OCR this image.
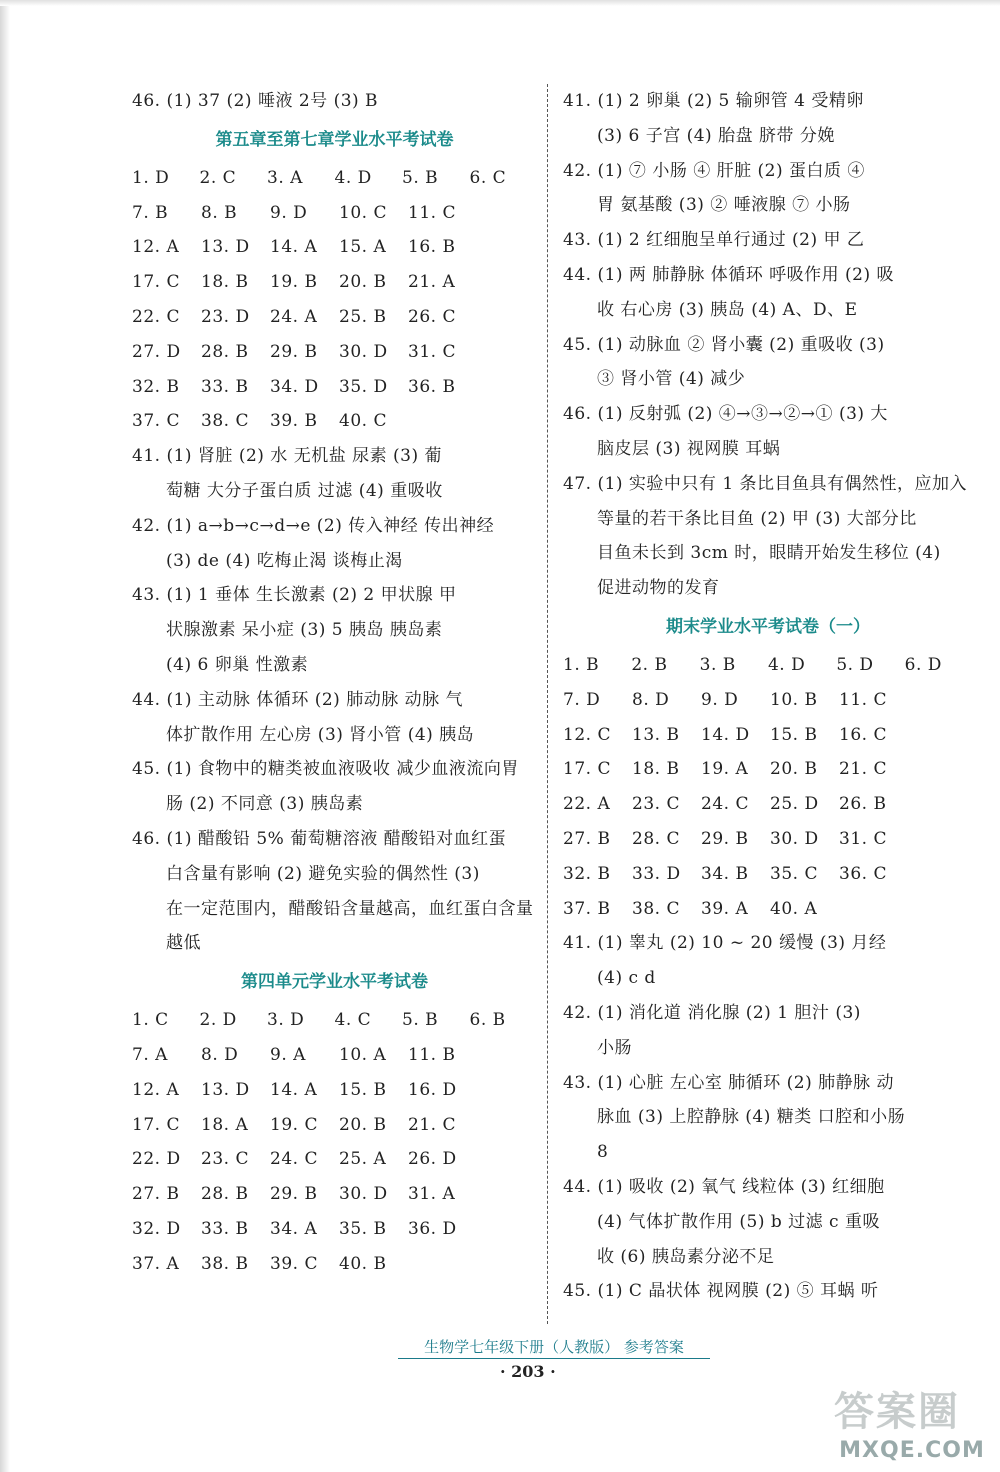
46. (1) 37 (2) 唾液 2号 (3) B
第五章至第七章学业水平考试卷
1. D	2. C	3. A	4. D	5. B	6. C
7. B	8. B	9. D	10. C	11. C
12. A	13. D	14. A	15. A	16. B
17. C	18. B	19. B	20. B	21. A
22. C	23. D	24. A	25. B	26. C
27. D	28. B	29. B	30. D	31. C
32. B	33. B	34. D	35. D	36. B
37. C	38. C	39. B	40. C
41. (1) 肾脏 (2) 水 无机盐 尿素 (3) 葡
萄糖 大分子蛋白质 过滤 (4) 重吸收
42. (1) a→b→c→d→e (2) 传入神经 传出神经
(3) de (4) 吃梅止渴 谈梅止渴
43. (1) 1 垂体 生长激素 (2) 2 甲状腺 甲
状腺激素 呆小症 (3) 5 胰岛 胰岛素
(4) 6 卵巢 性激素
44. (1) 主动脉 体循环 (2) 肺动脉 动脉 气
体扩散作用 左心房 (3) 肾小管 (4) 胰岛
45. (1) 食物中的糖类被血液吸收 减少血液流向胃
肠 (2) 不同意 (3) 胰岛素
46. (1) 醋酸铅 5% 葡萄糖溶液 醋酸铅对血红蛋
白含量有影响 (2) 避免实验的偶然性 (3)
在一定范围内，醋酸铅含量越高，血红蛋白含量
越低
第四单元学业水平考试卷
1. C	2. D	3. D	4. C	5. B	6. B
7. A	8. D	9. A	10. A	11. B
12. A	13. D	14. A	15. B	16. D
17. C	18. A	19. C	20. B	21. C
22. D	23. C	24. C	25. A	26. D
27. B	28. B	29. B	30. D	31. A
32. D	33. B	34. A	35. B	36. D
37. A	38. B	39. C	40. B
41. (1) 2 卵巢 (2) 5 输卵管 4 受精卵
(3) 6 子宫 (4) 胎盘 脐带 分娩
42. (1) ⑦ 小肠 ④ 肝脏 (2) 蛋白质 ④
胃 氨基酸 (3) ② 唾液腺 ⑦ 小肠
43. (1) 2 红细胞呈单行通过 (2) 甲 乙
44. (1) 两 肺静脉 体循环 呼吸作用 (2) 吸
收 右心房 (3) 胰岛 (4) A、D、E
45. (1) 动脉血 ② 肾小囊 (2) 重吸收 (3)
③ 肾小管 (4) 减少
46. (1) 反射弧 (2) ④→③→②→① (3) 大
脑皮层 (3) 视网膜 耳蜗
47. (1) 实验中只有 1 条比目鱼具有偶然性，应加入
等量的若干条比目鱼 (2) 甲 (3) 大部分比
目鱼未长到 3cm 时，眼睛开始发生移位 (4)
促进动物的发育
期末学业水平考试卷（一）
1. B	2. B	3. B	4. D	5. D	6. D
7. D	8. D	9. D	10. B	11. C
12. C	13. B	14. D	15. B	16. C
17. C	18. B	19. A	20. B	21. C
22. A	23. C	24. C	25. D	26. B
27. B	28. C	29. B	30. D	31. C
32. B	33. D	34. B	35. C	36. C
37. B	38. C	39. A	40. A
41. (1) 睾丸 (2) 10 ~ 20 缓慢 (3) 月经
(4) c d
42. (1) 消化道 消化腺 (2) 1 胆汁 (3)
小肠
43. (1) 心脏 左心室 肺循环 (2) 肺静脉 动
脉血 (3) 上腔静脉 (4) 糖类 口腔和小肠
8
44. (1) 吸收 (2) 氧气 线粒体 (3) 红细胞
(4) 气体扩散作用 (5) b 过滤 c 重吸
收 (6) 胰岛素分泌不足
45. (1) C 晶状体 视网膜 (2) ⑤ 耳蜗 听
生物学七年级下册（人教版） 参考答案
· 203 ·
答案圈
MXQE.COM
